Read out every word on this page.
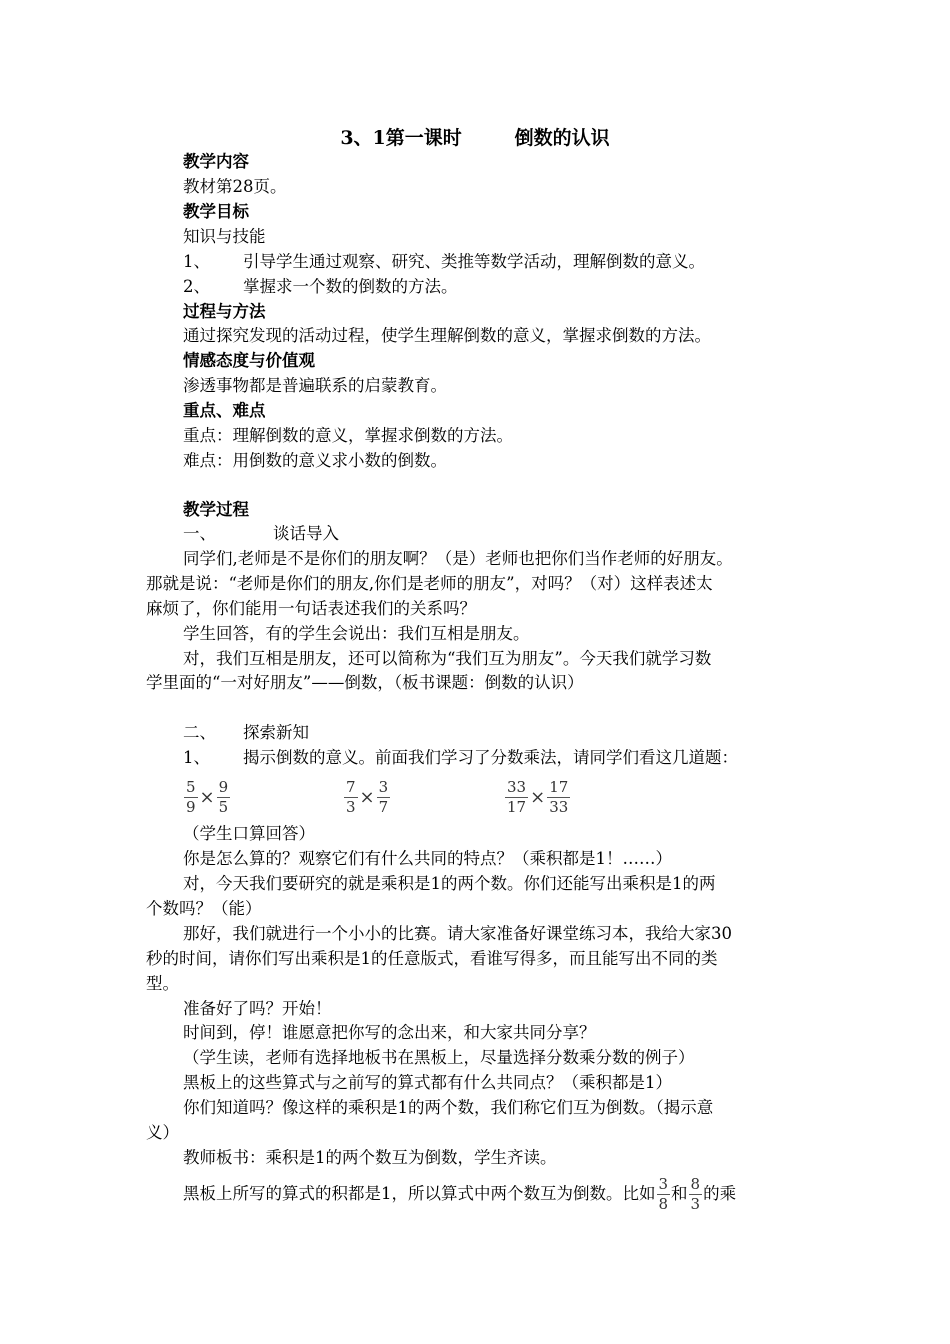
3、1第一课时        倒数的认识
教学内容
教材第28页。
教学目标
知识与技能
1、 引导学生通过观察、研究、类推等数学活动，理解倒数的意义。
2、 掌握求一个数的倒数的方法。
过程与方法
通过探究发现的活动过程，使学生理解倒数的意义，掌握求倒数的方法。
情感态度与价值观
渗透事物都是普遍联系的启蒙教育。
重点、难点
重点：理解倒数的意义，掌握求倒数的方法。
难点：用倒数的意义求小数的倒数。
教学过程
一、	谈话导入
同学们,老师是不是你们的朋友啊？（是）老师也把你们当作老师的好朋友。
那就是说：“老师是你们的朋友,你们是老师的朋友”，对吗？（对）这样表述太
麻烦了，你们能用一句话表述我们的关系吗？
学生回答，有的学生会说出：我们互相是朋友。
对，我们互相是朋友，还可以简称为“我们互为朋友”。今天我们就学习数
学里面的“一对好朋友”——倒数，（板书课题：倒数的认识）
二、 探索新知
1、 揭示倒数的意义。前面我们学习了分数乘法，请同学们看这几道题：
$\frac{5}{9} \times \frac{9}{5}$	$\frac{7}{3} \times \frac{3}{7}$	$\frac{33}{17} \times \frac{17}{33}$
（学生口算回答）
你是怎么算的？观察它们有什么共同的特点？（乘积都是1！……）
对，今天我们要研究的就是乘积是1的两个数。你们还能写出乘积是1的两
个数吗？（能）
那好，我们就进行一个小小的比赛。请大家准备好课堂练习本，我给大家30
秒的时间，请你们写出乘积是1的任意版式，看谁写得多，而且能写出不同的类
型。
准备好了吗？开始！
时间到，停！谁愿意把你写的念出来，和大家共同分享？
（学生读，老师有选择地板书在黑板上，尽量选择分数乘分数的例子）
黑板上的这些算式与之前写的算式都有什么共同点？（乘积都是1）
你们知道吗？像这样的乘积是1的两个数，我们称它们互为倒数。（揭示意
义）
教师板书：乘积是1的两个数互为倒数，学生齐读。
黑板上所写的算式的积都是1，所以算式中两个数互为倒数。比如 $\frac{3}{8}$ 和 $\frac{8}{3}$ 的乘
